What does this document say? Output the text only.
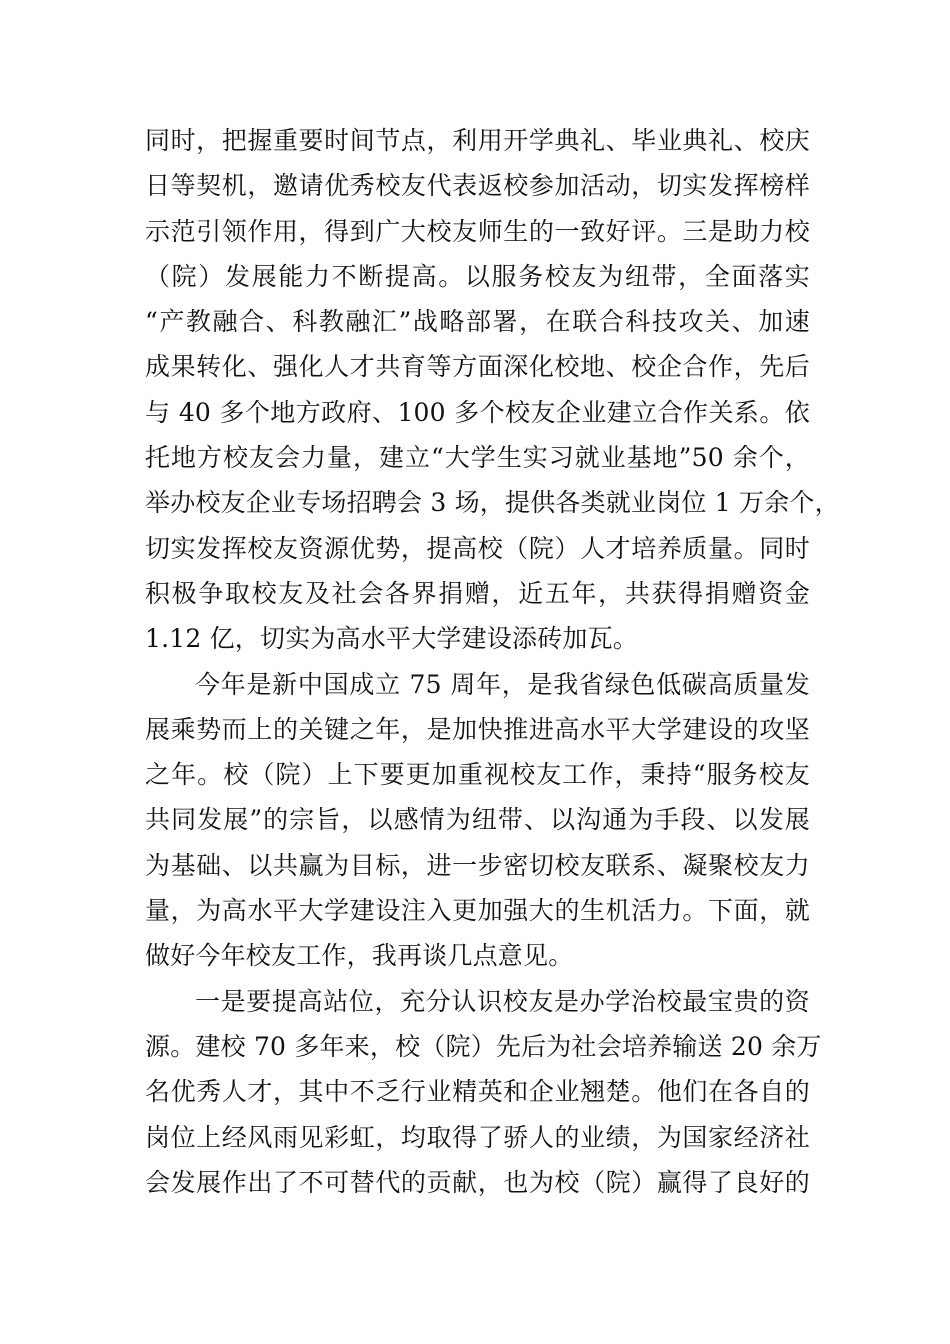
同时，把握重要时间节点，利用开学典礼、毕业典礼、校庆
日等契机，邀请优秀校友代表返校参加活动，切实发挥榜样
示范引领作用，得到广大校友师生的一致好评。三是助力校
（院）发展能力不断提高。以服务校友为纽带，全面落实
“产教融合、科教融汇”战略部署，在联合科技攻关、加速
成果转化、强化人才共育等方面深化校地、校企合作，先后
与 40 多个地方政府、100 多个校友企业建立合作关系。依
托地方校友会力量，建立“大学生实习就业基地”50 余个，
举办校友企业专场招聘会 3 场，提供各类就业岗位 1 万余个，
切实发挥校友资源优势，提高校（院）人才培养质量。同时
积极争取校友及社会各界捐赠，近五年，共获得捐赠资金
1.12 亿，切实为高水平大学建设添砖加瓦。
今年是新中国成立 75 周年，是我省绿色低碳高质量发
展乘势而上的关键之年，是加快推进高水平大学建设的攻坚
之年。校（院）上下要更加重视校友工作，秉持“服务校友
共同发展”的宗旨，以感情为纽带、以沟通为手段、以发展
为基础、以共赢为目标，进一步密切校友联系、凝聚校友力
量，为高水平大学建设注入更加强大的生机活力。下面，就
做好今年校友工作，我再谈几点意见。
一是要提高站位，充分认识校友是办学治校最宝贵的资
源。建校 70 多年来，校（院）先后为社会培养输送 20 余万
名优秀人才，其中不乏行业精英和企业翘楚。他们在各自的
岗位上经风雨见彩虹，均取得了骄人的业绩，为国家经济社
会发展作出了不可替代的贡献，也为校（院）赢得了良好的
